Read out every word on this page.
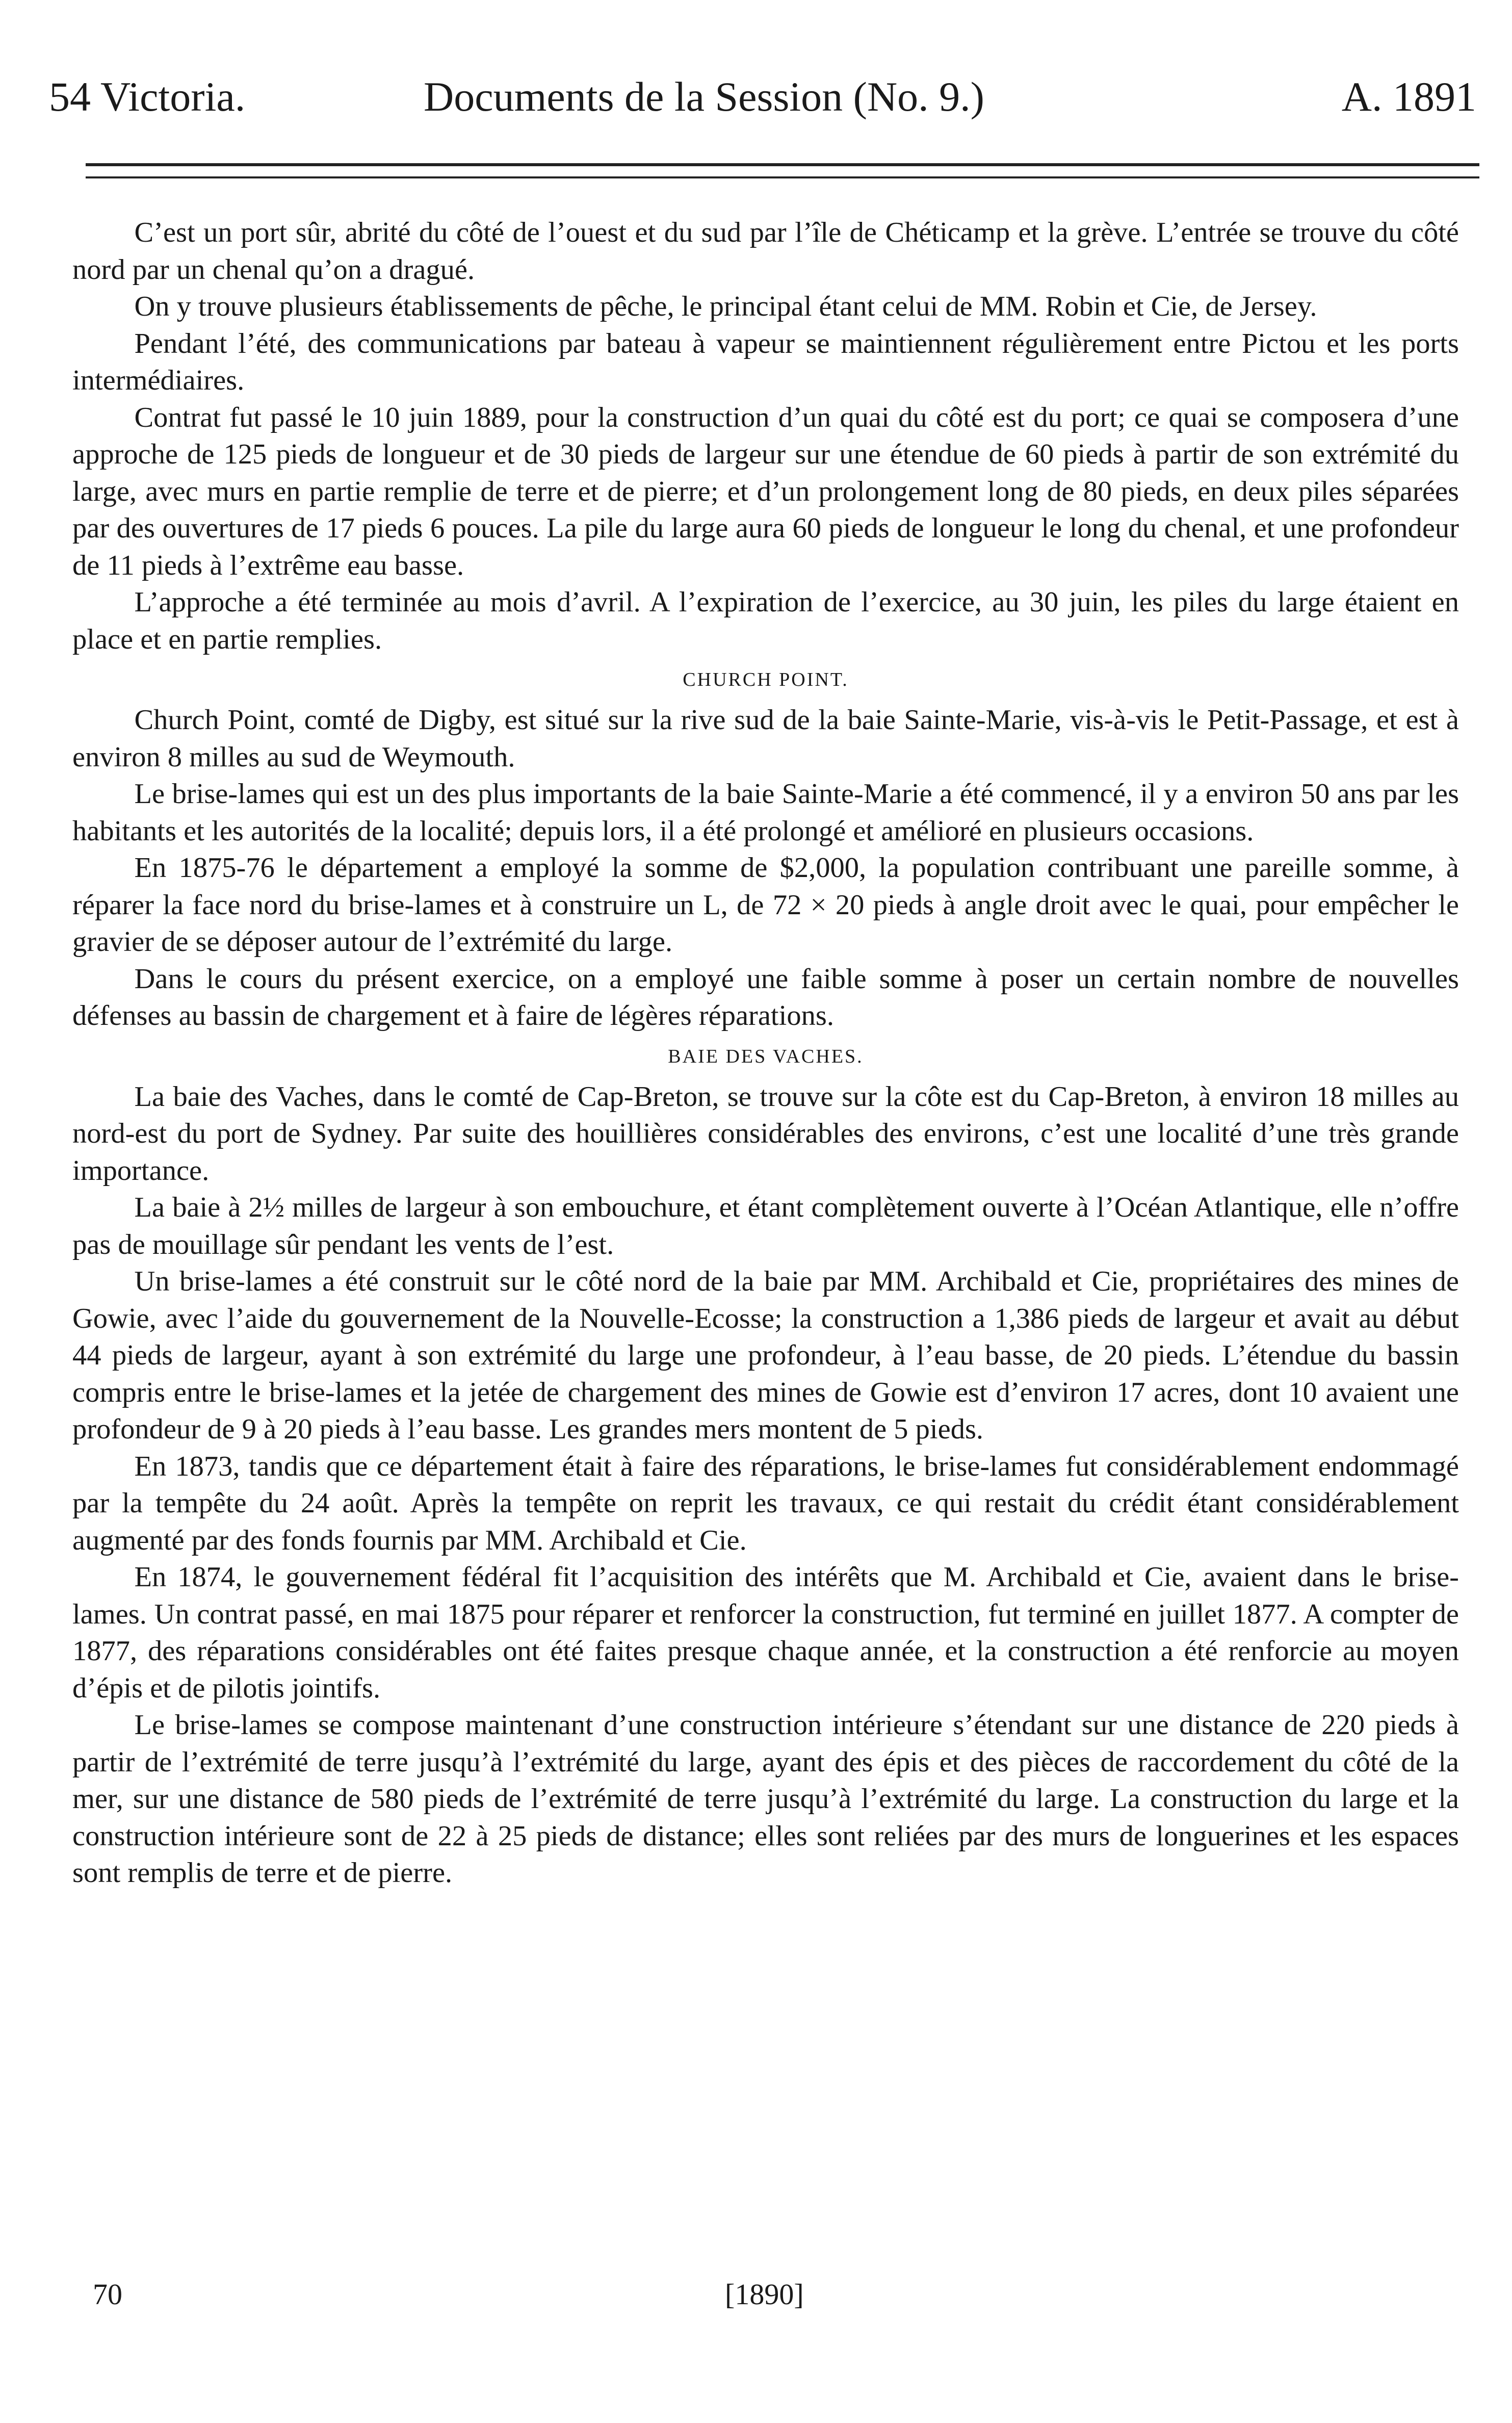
54 Victoria.	Documents de la Session (No. 9.)	A. 1891

C’est un port sûr, abrité du côté de l’ouest et du sud par l’île de Chéticamp et la grève. L’entrée se trouve du côté nord par un chenal qu’on a dragué.

On y trouve plusieurs établissements de pêche, le principal étant celui de MM. Robin et Cie, de Jersey.

Pendant l’été, des communications par bateau à vapeur se maintiennent régulièrement entre Pictou et les ports intermédiaires.

Contrat fut passé le 10 juin 1889, pour la construction d’un quai du côté est du port; ce quai se composera d’une approche de 125 pieds de longueur et de 30 pieds de largeur sur une étendue de 60 pieds à partir de son extrémité du large, avec murs en partie remplie de terre et de pierre; et d’un prolongement long de 80 pieds, en deux piles séparées par des ouvertures de 17 pieds 6 pouces. La pile du large aura 60 pieds de longueur le long du chenal, et une profondeur de 11 pieds à l’extrême eau basse.

L’approche a été terminée au mois d’avril. A l’expiration de l’exercice, au 30 juin, les piles du large étaient en place et en partie remplies.

CHURCH POINT.

Church Point, comté de Digby, est situé sur la rive sud de la baie Sainte-Marie, vis-à-vis le Petit-Passage, et est à environ 8 milles au sud de Weymouth.

Le brise-lames qui est un des plus importants de la baie Sainte-Marie a été commencé, il y a environ 50 ans par les habitants et les autorités de la localité; depuis lors, il a été prolongé et amélioré en plusieurs occasions.

En 1875-76 le département a employé la somme de $2,000, la population contribuant une pareille somme, à réparer la face nord du brise-lames et à construire un L, de 72 × 20 pieds à angle droit avec le quai, pour empêcher le gravier de se déposer autour de l’extrémité du large.

Dans le cours du présent exercice, on a employé une faible somme à poser un certain nombre de nouvelles défenses au bassin de chargement et à faire de légères réparations.

BAIE DES VACHES.

La baie des Vaches, dans le comté de Cap-Breton, se trouve sur la côte est du Cap-Breton, à environ 18 milles au nord-est du port de Sydney. Par suite des houillières considérables des environs, c’est une localité d’une très grande importance.

La baie à 2½ milles de largeur à son embouchure, et étant complètement ouverte à l’Océan Atlantique, elle n’offre pas de mouillage sûr pendant les vents de l’est.

Un brise-lames a été construit sur le côté nord de la baie par MM. Archibald et Cie, propriétaires des mines de Gowie, avec l’aide du gouvernement de la Nouvelle-Ecosse; la construction a 1,386 pieds de largeur et avait au début 44 pieds de largeur, ayant à son extrémité du large une profondeur, à l’eau basse, de 20 pieds. L’étendue du bassin compris entre le brise-lames et la jetée de chargement des mines de Gowie est d’environ 17 acres, dont 10 avaient une profondeur de 9 à 20 pieds à l’eau basse. Les grandes mers montent de 5 pieds.

En 1873, tandis que ce département était à faire des réparations, le brise-lames fut considérablement endommagé par la tempête du 24 août. Après la tempête on reprit les travaux, ce qui restait du crédit étant considérablement augmenté par des fonds fournis par MM. Archibald et Cie.

En 1874, le gouvernement fédéral fit l’acquisition des intérêts que M. Archibald et Cie, avaient dans le brise-lames. Un contrat passé, en mai 1875 pour réparer et renforcer la construction, fut terminé en juillet 1877. A compter de 1877, des réparations considérables ont été faites presque chaque année, et la construction a été renforcie au moyen d’épis et de pilotis jointifs.

Le brise-lames se compose maintenant d’une construction intérieure s’étendant sur une distance de 220 pieds à partir de l’extrémité de terre jusqu’à l’extrémité du large, ayant des épis et des pièces de raccordement du côté de la mer, sur une distance de 580 pieds de l’extrémité de terre jusqu’à l’extrémité du large. La construction du large et la construction intérieure sont de 22 à 25 pieds de distance; elles sont reliées par des murs de longuerines et les espaces sont remplis de terre et de pierre.

70	[1890]
